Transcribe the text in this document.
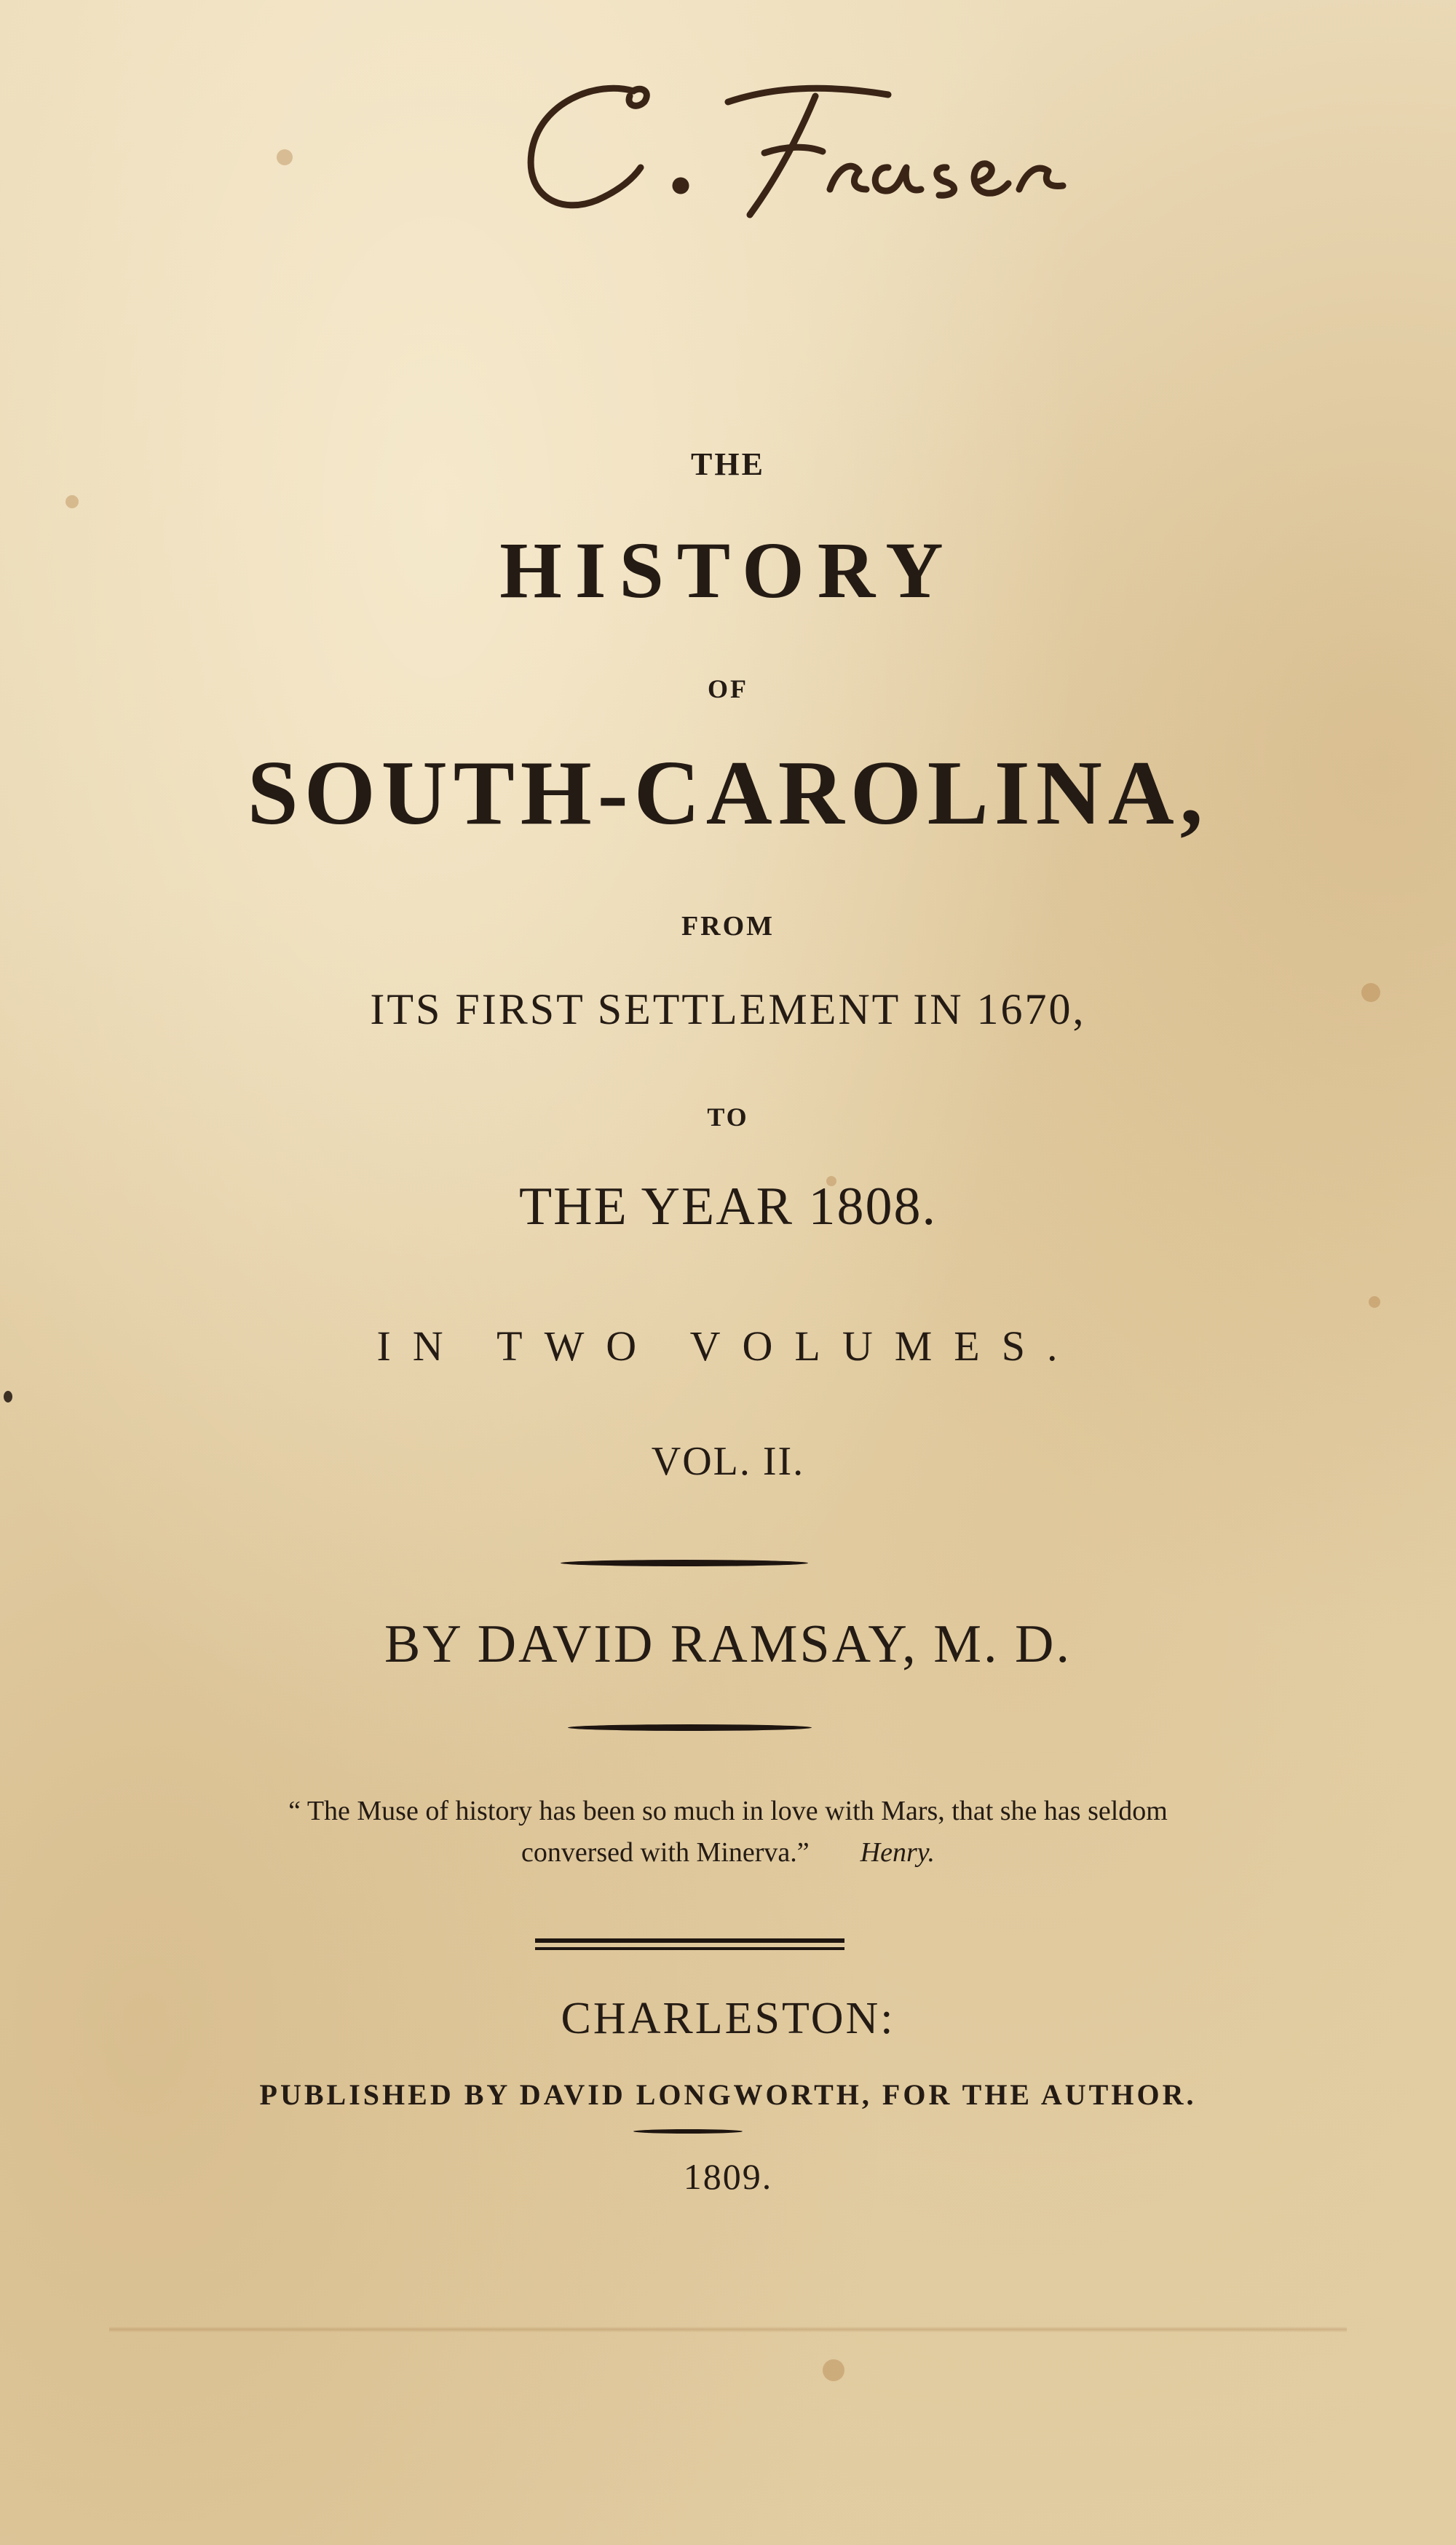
THE
HISTORY
OF
SOUTH-CAROLINA,
FROM
ITS FIRST SETTLEMENT IN 1670,
TO
THE YEAR 1808.
IN TWO VOLUMES.
VOL. II.
BY DAVID RAMSAY, M. D.
“ The Muse of history has been so much in love with Mars, that she has seldom
conversed with Minerva.” Henry.
CHARLESTON:
PUBLISHED BY DAVID LONGWORTH, FOR THE AUTHOR.
1809.
